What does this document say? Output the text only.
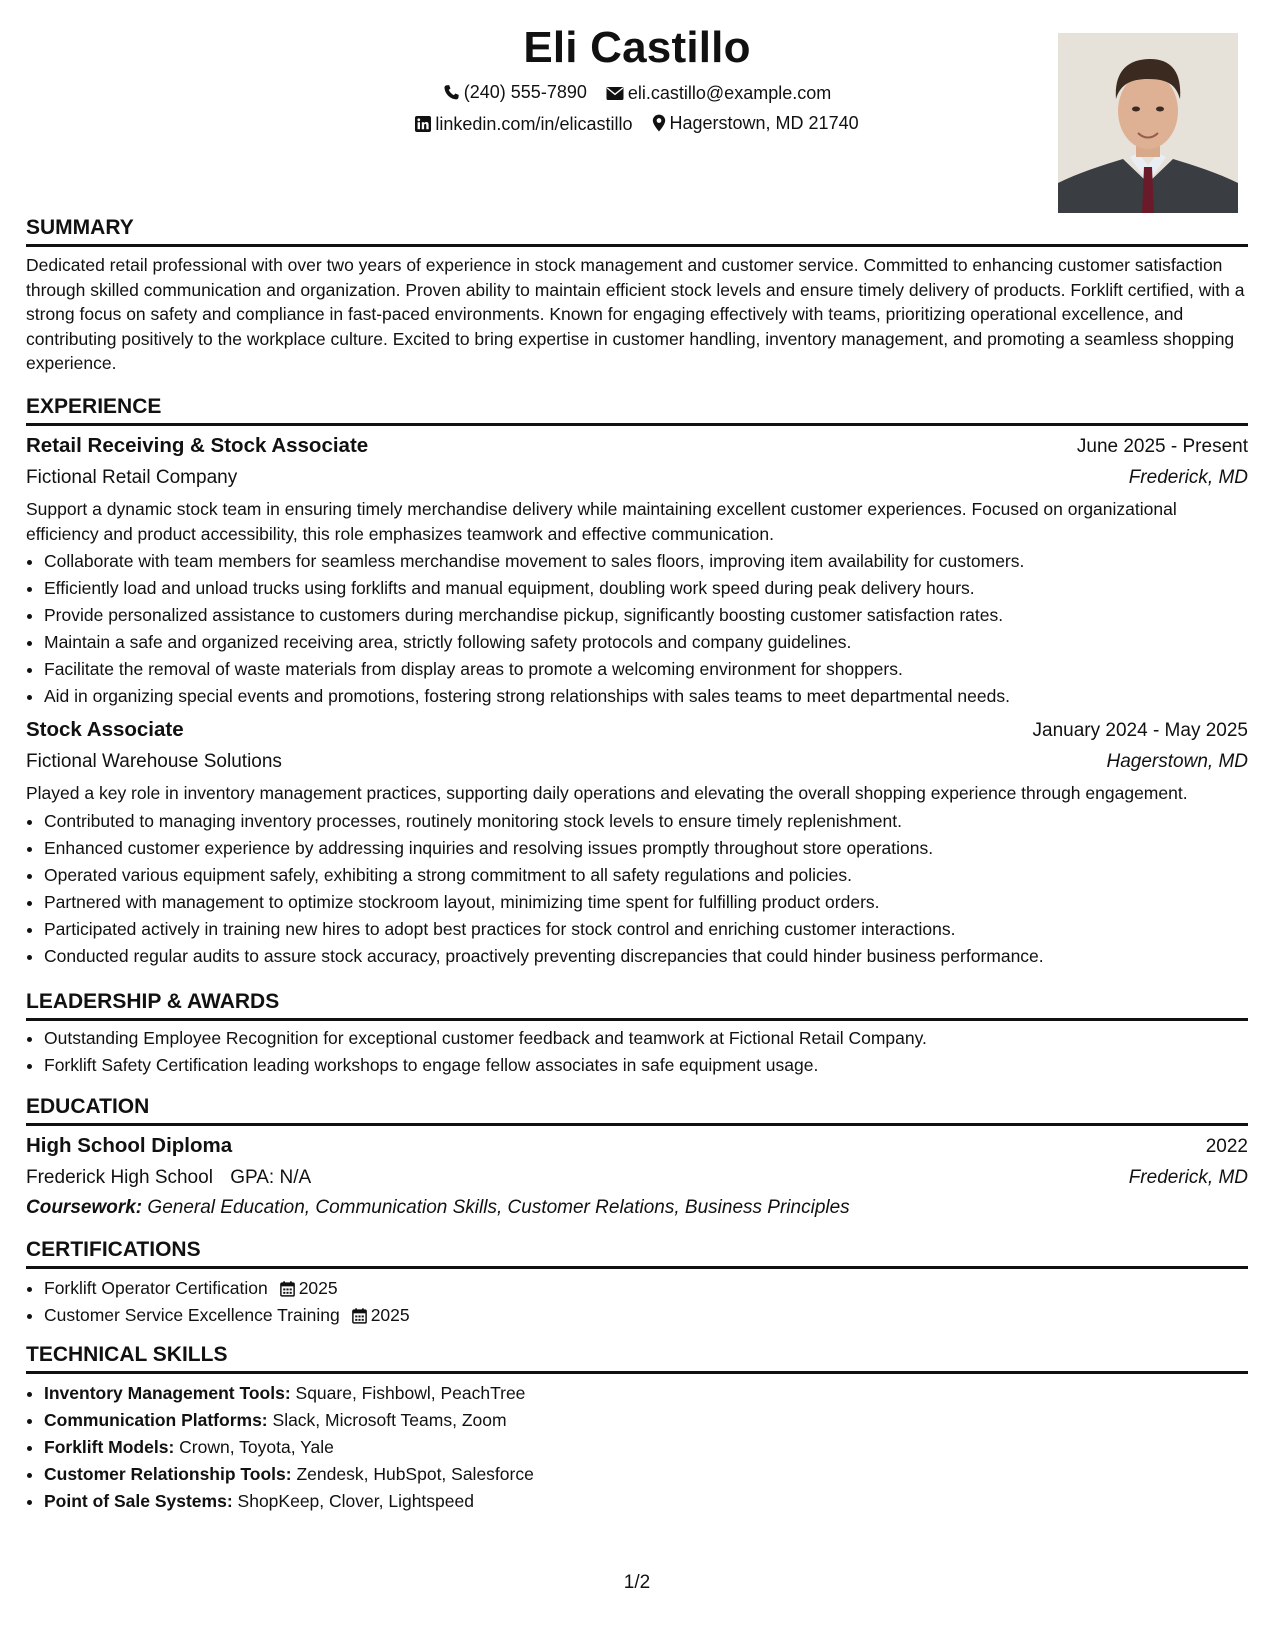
Eli Castillo
(240) 555-7890
eli.castillo@example.com
linkedin.com/in/elicastillo
Hagerstown, MD 21740
SUMMARY

Dedicated retail professional with over two years of experience in stock management and customer service. Committed to enhancing customer satisfaction through skilled communication and organization. Proven ability to maintain efficient stock levels and ensure timely delivery of products. Forklift certified, with a strong focus on safety and compliance in fast-paced environments. Known for engaging effectively with teams, prioritizing operational excellence, and contributing positively to the workplace culture. Excited to bring expertise in customer handling, inventory management, and promoting a seamless shopping experience.

EXPERIENCE
Retail Receiving & Stock Associate	June 2025 - Present
Fictional Retail Company	Frederick, MD

Support a dynamic stock team in ensuring timely merchandise delivery while maintaining excellent customer experiences. Focused on organizational efficiency and product accessibility, this role emphasizes teamwork and effective communication.

• Collaborate with team members for seamless merchandise movement to sales floors, improving item availability for customers.
• Efficiently load and unload trucks using forklifts and manual equipment, doubling work speed during peak delivery hours.
• Provide personalized assistance to customers during merchandise pickup, significantly boosting customer satisfaction rates.
• Maintain a safe and organized receiving area, strictly following safety protocols and company guidelines.
• Facilitate the removal of waste materials from display areas to promote a welcoming environment for shoppers.
• Aid in organizing special events and promotions, fostering strong relationships with sales teams to meet departmental needs.
Stock Associate	January 2024 - May 2025
Fictional Warehouse Solutions	Hagerstown, MD

Played a key role in inventory management practices, supporting daily operations and elevating the overall shopping experience through engagement.

• Contributed to managing inventory processes, routinely monitoring stock levels to ensure timely replenishment.
• Enhanced customer experience by addressing inquiries and resolving issues promptly throughout store operations.
• Operated various equipment safely, exhibiting a strong commitment to all safety regulations and policies.
• Partnered with management to optimize stockroom layout, minimizing time spent for fulfilling product orders.
• Participated actively in training new hires to adopt best practices for stock control and enriching customer interactions.
• Conducted regular audits to assure stock accuracy, proactively preventing discrepancies that could hinder business performance.
LEADERSHIP & AWARDS
• Outstanding Employee Recognition for exceptional customer feedback and teamwork at Fictional Retail Company.
• Forklift Safety Certification leading workshops to engage fellow associates in safe equipment usage.
EDUCATION
High School Diploma	2022
Frederick High School GPA: N/A	Frederick, MD
Coursework: General Education, Communication Skills, Customer Relations, Business Principles
CERTIFICATIONS
• Forklift Operator Certification 2025
• Customer Service Excellence Training 2025
TECHNICAL SKILLS
• Inventory Management Tools: Square, Fishbowl, PeachTree
• Communication Platforms: Slack, Microsoft Teams, Zoom
• Forklift Models: Crown, Toyota, Yale
• Customer Relationship Tools: Zendesk, HubSpot, Salesforce
• Point of Sale Systems: ShopKeep, Clover, Lightspeed
1/2
